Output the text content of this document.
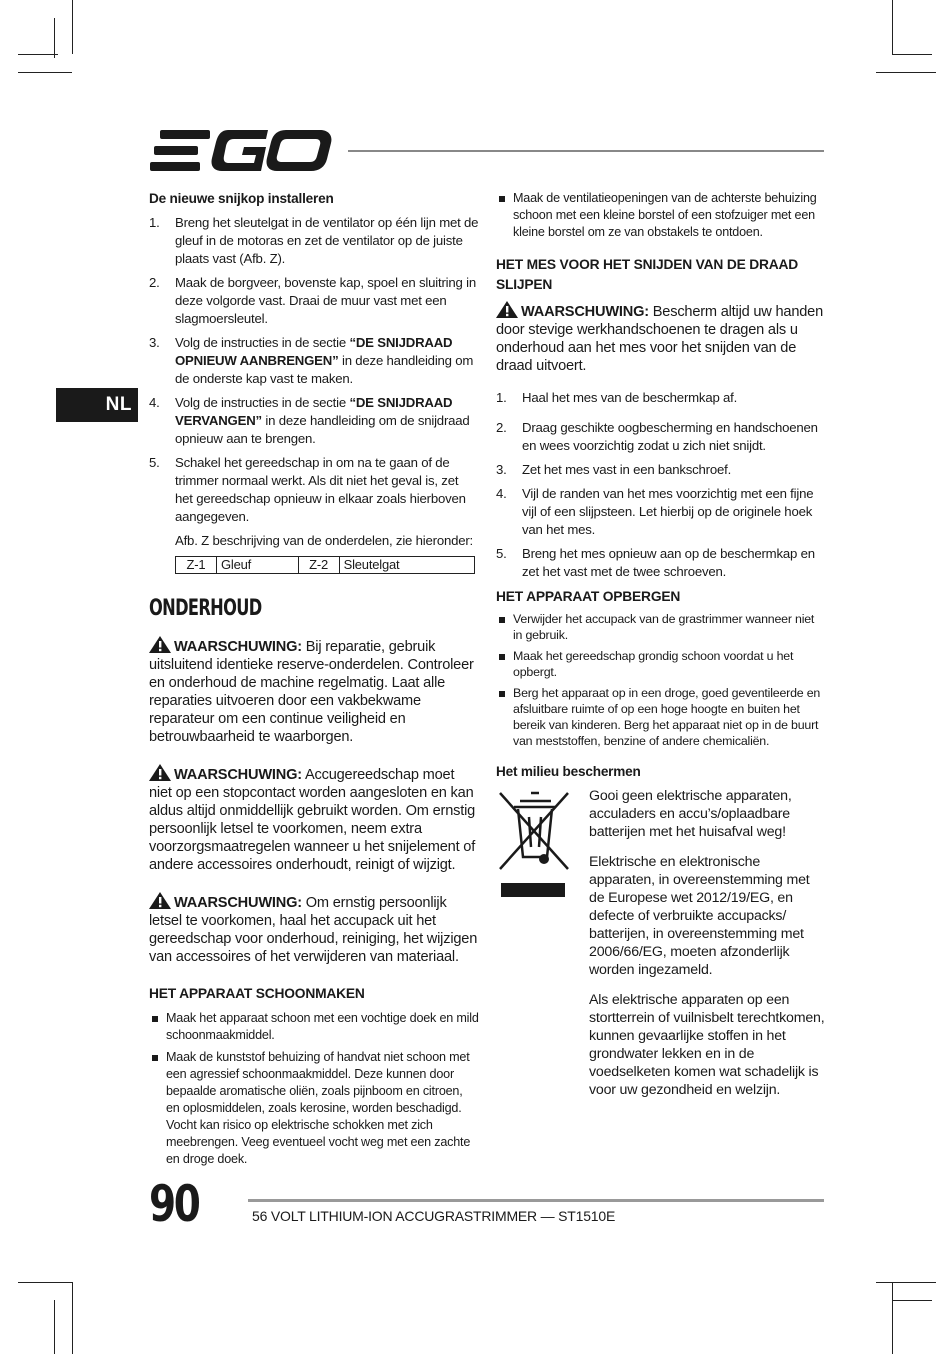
NL
De nieuwe snijkop installeren
1. Breng het sleutelgat in de ventilator op één lijn met de gleuf in de motoras en zet de ventilator op de juiste plaats vast (Afb. Z).
2. Maak de borgveer, bovenste kap, spoel en sluitring in deze volgorde vast. Draai de muur vast met een slagmoersleutel.
3. Volg de instructies in de sectie “DE SNIJDRAAD OPNIEUW AANBRENGEN” in deze handleiding om de onderste kap vast te maken.
4. Volg de instructies in de sectie “DE SNIJDRAAD VERVANGEN” in deze handleiding om de snijdraad opnieuw aan te brengen.
5. Schakel het gereedschap in om na te gaan of de trimmer normaal werkt. Als dit niet het geval is, zet het gereedschap opnieuw in elkaar zoals hierboven aangegeven.
Afb. Z beschrijving van de onderdelen, zie hieronder:
Z-1	Gleuf	Z-2	Sleutelgat
ONDERHOUD

WAARSCHUWING: Bij reparatie, gebruik uitsluitend identieke reserve-onderdelen. Controleer en onderhoud de machine regelmatig. Laat alle reparaties uitvoeren door een vakbekwame reparateur om een continue veiligheid en betrouwbaarheid te waarborgen.

WAARSCHUWING: Accugereedschap moet niet op een stopcontact worden aangesloten en kan aldus altijd onmiddellijk gebruikt worden. Om ernstig persoonlijk letsel te voorkomen, neem extra voorzorgsmaatregelen wanneer u het snijelement of andere accessoires onderhoudt, reinigt of wijzigt.

WAARSCHUWING: Om ernstig persoonlijk letsel te voorkomen, haal het accupack uit het gereedschap voor onderhoud, reiniging, het wijzigen van accessoires of het verwijderen van materiaal.

HET APPARAAT SCHOONMAKEN
Maak het apparaat schoon met een vochtige doek en mild schoonmaakmiddel.
Maak de kunststof behuizing of handvat niet schoon met een agressief schoonmaakmiddel. Deze kunnen door bepaalde aromatische oliën, zoals pijnboom en citroen, en oplosmiddelen, zoals kerosine, worden beschadigd. Vocht kan risico op elektrische schokken met zich meebrengen. Veeg eventueel vocht weg met een zachte en droge doek.
Maak de ventilatieopeningen van de achterste behuizing schoon met een kleine borstel of een stofzuiger met een kleine borstel om ze van obstakels te ontdoen.
HET MES VOOR HET SNIJDEN VAN DE DRAAD SLIJPEN

WAARSCHUWING: Bescherm altijd uw handen door stevige werkhandschoenen te dragen als u onderhoud aan het mes voor het snijden van de draad uitvoert.

1. Haal het mes van de beschermkap af.
2. Draag geschikte oogbescherming en handschoenen en wees voorzichtig zodat u zich niet snijdt.
3. Zet het mes vast in een bankschroef.
4. Vijl de randen van het mes voorzichtig met een fijne vijl of een slijpsteen. Let hierbij op de originele hoek van het mes.
5. Breng het mes opnieuw aan op de beschermkap en zet het vast met de twee schroeven.
HET APPARAAT OPBERGEN
Verwijder het accupack van de grastrimmer wanneer niet in gebruik.
Maak het gereedschap grondig schoon voordat u het opbergt.
Berg het apparaat op in een droge, goed geventileerde en afsluitbare ruimte of op een hoge hoogte en buiten het bereik van kinderen. Berg het apparaat niet op in de buurt van meststoffen, benzine of andere chemicaliën.
Het milieu beschermen

Gooi geen elektrische apparaten, acculaders en accu’s/oplaadbare batterijen met het huisafval weg!

Elektrische en elektronische apparaten, in overeenstemming met de Europese wet 2012/19/EG, en defecte of verbruikte accupacks/ batterijen, in overeenstemming met 2006/66/EG, moeten afzonderlijk worden ingezameld.

Als elektrische apparaten op een stortterrein of vuilnisbelt terechtkomen, kunnen gevaarlijke stoffen in het grondwater lekken en in de voedselketen komen wat schadelijk is voor uw gezondheid en welzijn.

90	56 VOLT LITHIUM-ION ACCUGRASTRIMMER — ST1510E
